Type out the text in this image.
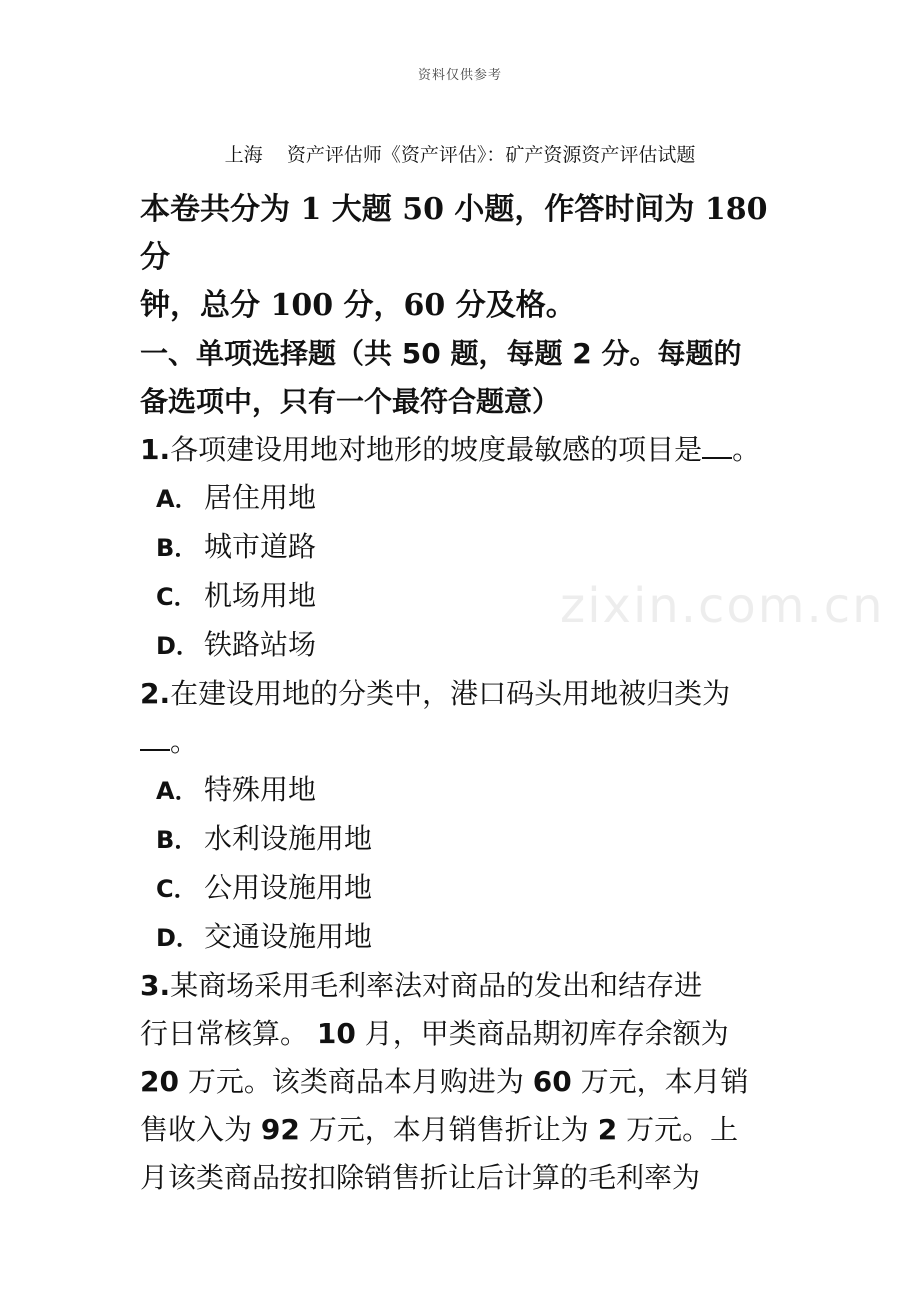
资料仅供参考
上海    资产评估师《资产评估》：矿产资源资产评估试题
zixin.com.cn

本卷共分为 1 大题 50 小题，作答时间为 180 分

钟，总分 100 分，60 分及格。

一、单项选择题（共 50 题，每题 2 分。每题的

备选项中，只有一个最符合题意）

1.各项建设用地对地形的坡度最敏感的项目是 。

A． 居住用地
B． 城市道路
C． 机场用地
D． 铁路站场

2.在建设用地的分类中，港口码头用地被归类为

。

A． 特殊用地
B． 水利设施用地
C． 公用设施用地
D． 交通设施用地

3.某商场采用毛利率法对商品的发出和结存进

行日常核算。 10 月，甲类商品期初库存余额为

20 万元。该类商品本月购进为 60 万元，本月销

售收入为 92 万元，本月销售折让为 2 万元。上

月该类商品按扣除销售折让后计算的毛利率为
